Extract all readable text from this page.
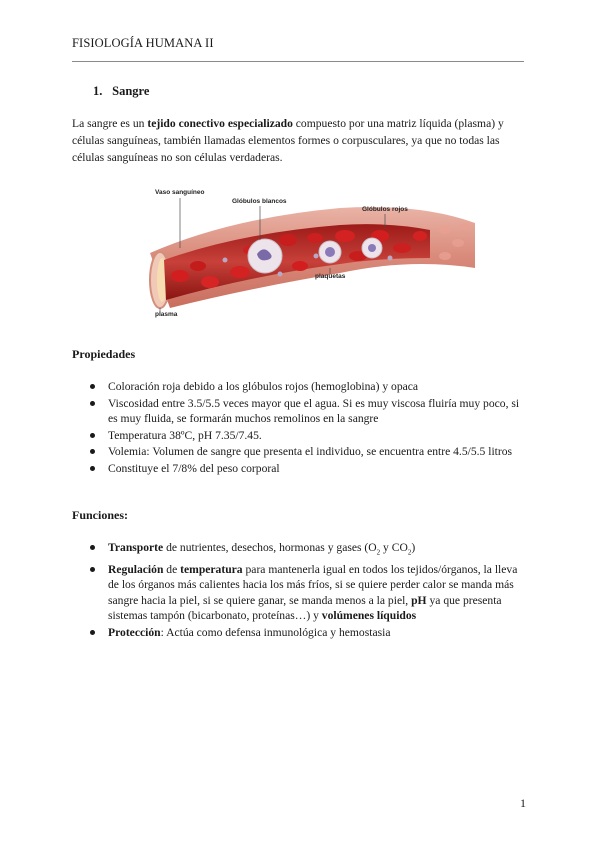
FISIOLOGÍA HUMANA II
1. Sangre

La sangre es un tejido conectivo especializado compuesto por una matriz líquida (plasma) y células sanguíneas, también llamadas elementos formes o corpusculares, ya que no todas las células sanguíneas no son células verdaderas.

Vaso sanguíneo
Glóbulos blancos
Glóbulos rojos
plaquetas
plasma
Propiedades
Coloración roja debido a los glóbulos rojos (hemoglobina) y opaca
Viscosidad entre 3.5/5.5 veces mayor que el agua. Si es muy viscosa fluiría muy poco, si es muy fluida, se formarán muchos remolinos en la sangre
Temperatura 38ºC, pH 7.35/7.45.
Volemia: Volumen de sangre que presenta el individuo, se encuentra entre 4.5/5.5 litros
Constituye el 7/8% del peso corporal
Funciones:
Transporte de nutrientes, desechos, hormonas y gases ($O_2$ y $CO_2$)
Regulación de temperatura para mantenerla igual en todos los tejidos/órganos, la lleva de los órganos más calientes hacia los más fríos, si se quiere perder calor se manda más sangre hacia la piel, si se quiere ganar, se manda menos a la piel, pH ya que presenta sistemas tampón (bicarbonato, proteínas…) y volúmenes líquidos
Protección: Actúa como defensa inmunológica y hemostasia
1
